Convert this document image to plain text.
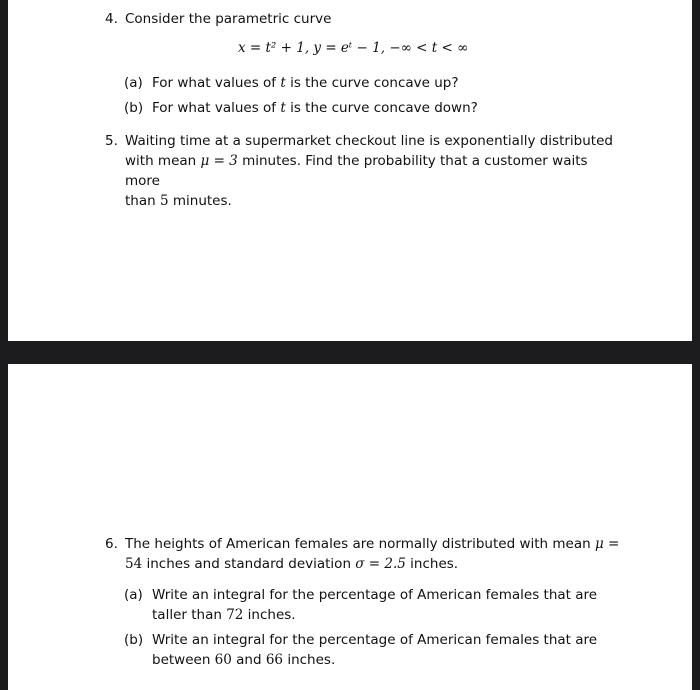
4. Consider the parametric curve
x = t² + 1, y = eᵗ − 1, −∞ < t < ∞
(a) For what values of t is the curve concave up?
(b) For what values of t is the curve concave down?
5. Waiting time at a supermarket checkout line is exponentially distributed
with mean μ = 3 minutes. Find the probability that a customer waits more
than 5 minutes.
6. The heights of American females are normally distributed with mean μ =
54 inches and standard deviation σ = 2.5 inches.
(a) Write an integral for the percentage of American females that are
taller than 72 inches.
(b) Write an integral for the percentage of American females that are
between 60 and 66 inches.
